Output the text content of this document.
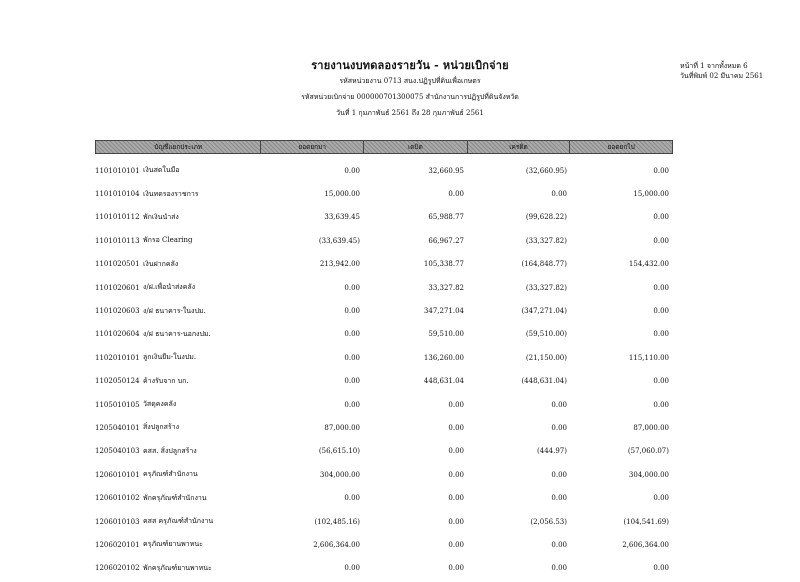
รายงานงบทดลองรายวัน - หน่วยเบิกจ่าย
รหัสหน่วยงาน 0713 สนง.ปฏิรูปที่ดินเพื่อเกษตร
รหัสหน่วยเบิกจ่าย 000000701300075 สำนักงานการปฏิรูปที่ดินจังหวัด
วันที่ 1 กุมภาพันธ์ 2561 ถึง 28 กุมภาพันธ์ 2561
หน้าที่ 1 จากทั้งหมด 6
วันที่พิมพ์ 02 มีนาคม 2561
บัญชีแยกประเภท	ยอดยกมา	เดบิต	เครดิต	ยอดยกไป
1101010101 เงินสดในมือ	0.00	32,660.95	(32,660.95)	0.00
1101010104 เงินทดรองราชการ	15,000.00	0.00	0.00	15,000.00
1101010112 พักเงินนำส่ง	33,639.45	65,988.77	(99,628.22)	0.00
1101010113 พักรอ Clearing	(33,639.45)	66,967.27	(33,327.82)	0.00
1101020501 เงินฝากคลัง	213,942.00	105,338.77	(164,848.77)	154,432.00
1101020601 ง/ฝ.เพื่อนำส่งคลัง	0.00	33,327.82	(33,327.82)	0.00
1101020603 ง/ฝ ธนาคาร-ในงปม.	0.00	347,271.04	(347,271.04)	0.00
1101020604 ง/ฝ ธนาคาร-นอกงปม.	0.00	59,510.00	(59,510.00)	0.00
1102010101 ลูกเงินยืม-ในงปม.	0.00	136,260.00	(21,150.00)	115,110.00
1102050124 ค้างรับจาก บก.	0.00	448,631.04	(448,631.04)	0.00
1105010105 วัสดุคงคลัง	0.00	0.00	0.00	0.00
1205040101 สิ่งปลูกสร้าง	87,000.00	0.00	0.00	87,000.00
1205040103 คสส. สิ่งปลูกสร้าง	(56,615.10)	0.00	(444.97)	(57,060.07)
1206010101 ครุภัณฑ์สำนักงาน	304,000.00	0.00	0.00	304,000.00
1206010102 พักครุภัณฑ์สำนักงาน	0.00	0.00	0.00	0.00
1206010103 คสส ครุภัณฑ์สำนักงาน	(102,485.16)	0.00	(2,056.53)	(104,541.69)
1206020101 ครุภัณฑ์ยานพาหนะ	2,606,364.00	0.00	0.00	2,606,364.00
1206020102 พักครุภัณฑ์ยานพาหนะ	0.00	0.00	0.00	0.00
